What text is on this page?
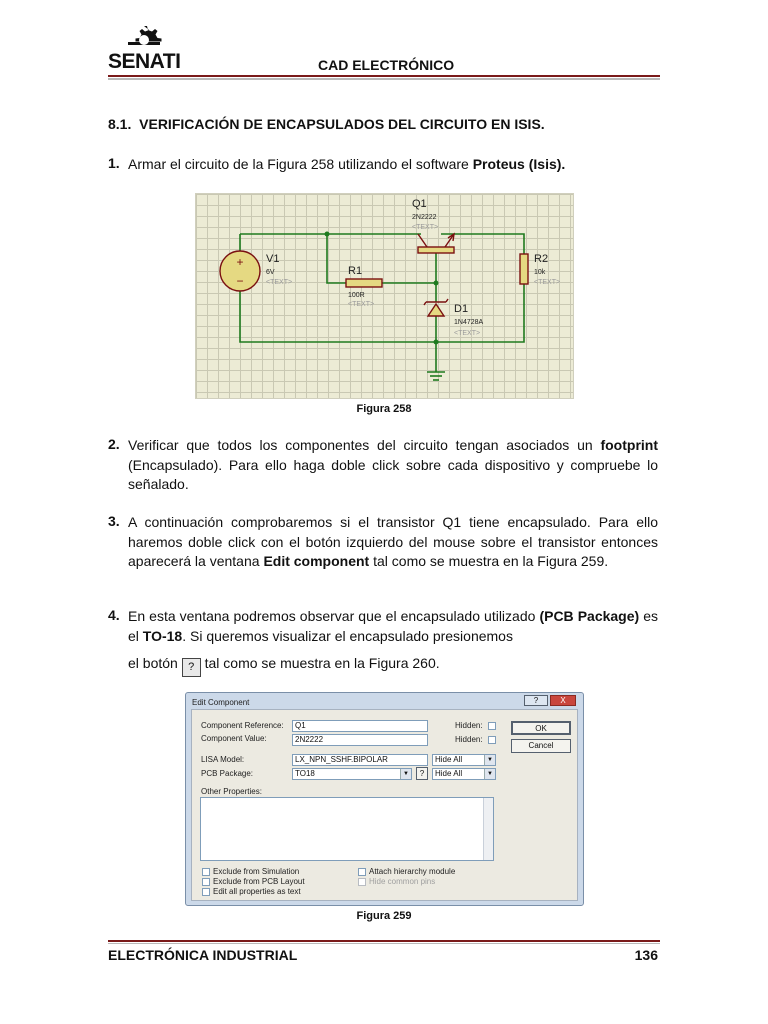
SENATI	CAD ELECTRÓNICO
8.1. VERIFICACIÓN DE ENCAPSULADOS DEL CIRCUITO EN ISIS.
1. Armar el circuito de la Figura 258 utilizando el software Proteus (Isis).
+
−
V1
Q1
R1
R2
D1
6V
2N2222
100R
10k
1N4728A
<TEXT>
<TEXT>
<TEXT>
<TEXT>
<TEXT>
Figura 258
2. Verificar que todos los componentes del circuito tengan asociados un footprint (Encapsulado). Para ello haga doble click sobre cada dispositivo y compruebe lo señalado.
3. A continuación comprobaremos si el transistor Q1 tiene encapsulado. Para ello haremos doble click con el botón izquierdo del mouse sobre el transistor entonces aparecerá la ventana Edit component tal como se muestra en la Figura 259.
4. En esta ventana podremos observar que el encapsulado utilizado (PCB Package) es el TO-18. Si queremos visualizar el encapsulado presionemos
el botón ? tal como se muestra en la Figura 260.
Edit Component	?	X
Component Reference:	Q1	Hidden:
Component Value:	2N2222	Hidden:
LISA Model:	LX_NPN_SSHF.BIPOLAR	Hide All	▼
PCB Package:	TO18	▼	?	Hide All	▼
Other Properties:
Exclude from Simulation
Exclude from PCB Layout
Edit all properties as text
Attach hierarchy module
Hide common pins
OK
Cancel
Figura 259
ELECTRÓNICA INDUSTRIAL	136
